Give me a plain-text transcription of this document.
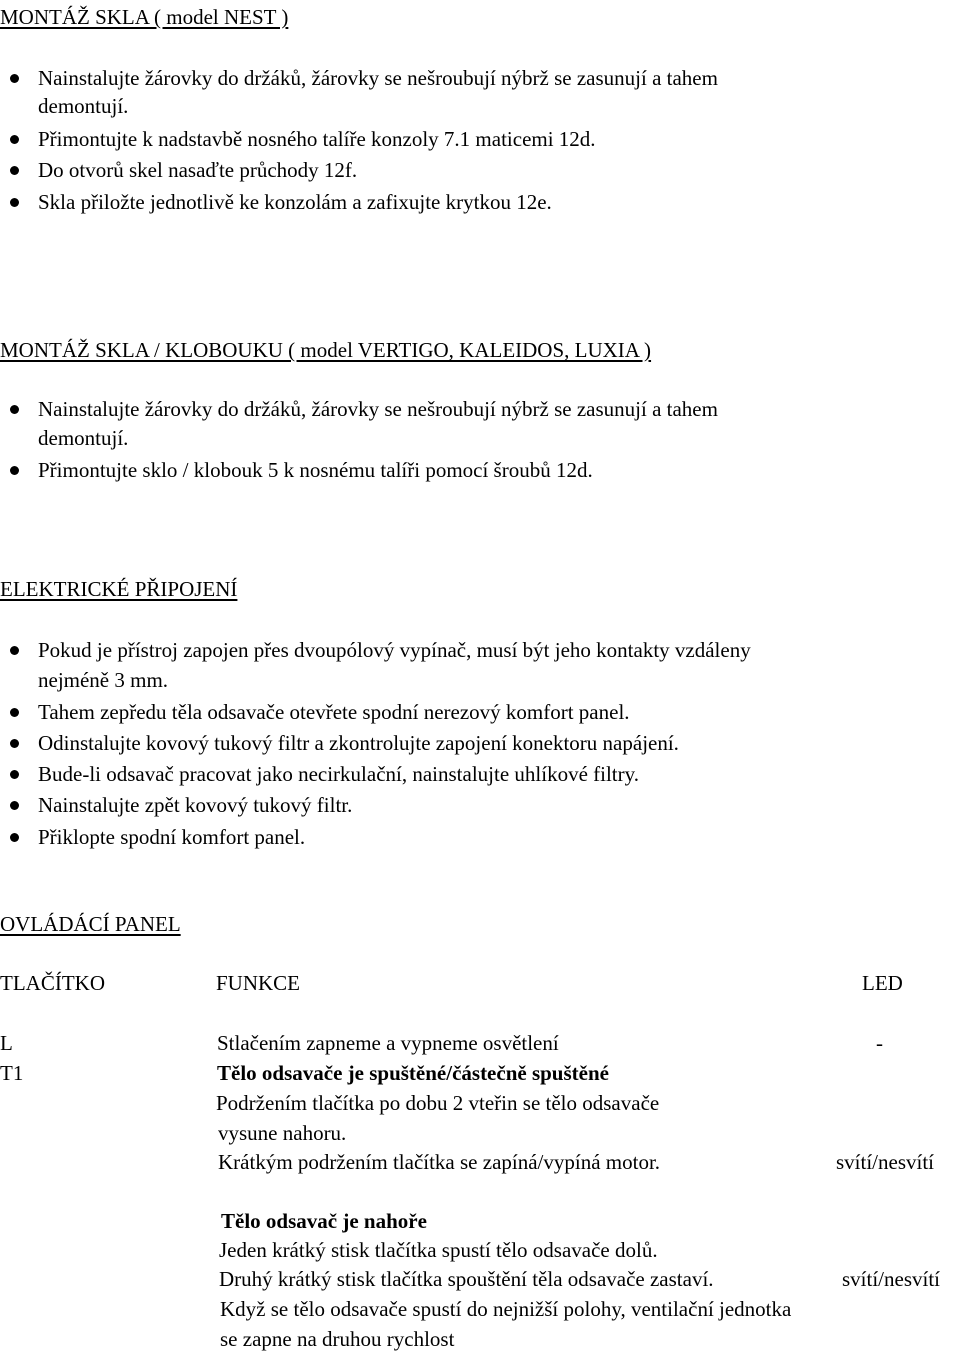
MONTÁŽ SKLA ( model NEST )
Nainstalujte žárovky do držáků, žárovky se nešroubují nýbrž se zasunují a tahem
demontují.
Přimontujte k nadstavbě nosného talíře konzoly 7.1 maticemi 12d.
Do otvorů skel nasaďte průchody 12f.
Skla přiložte jednotlivě ke konzolám a zafixujte krytkou 12e.
MONTÁŽ SKLA / KLOBOUKU ( model VERTIGO, KALEIDOS, LUXIA )
Nainstalujte žárovky do držáků, žárovky se nešroubují nýbrž se zasunují a tahem
demontují.
Přimontujte sklo / klobouk 5 k nosnému talíři pomocí šroubů 12d.
ELEKTRICKÉ PŘIPOJENÍ
Pokud je přístroj zapojen přes dvoupólový vypínač, musí být jeho kontakty vzdáleny
nejméně 3 mm.
Tahem zepředu těla odsavače otevřete spodní nerezový komfort panel.
Odinstalujte kovový tukový filtr a zkontrolujte zapojení konektoru napájení.
Bude-li odsavač pracovat jako necirkulační, nainstalujte uhlíkové filtry.
Nainstalujte zpět kovový tukový filtr.
Přiklopte spodní komfort panel.
OVLÁDÁCÍ PANEL
TLAČÍTKO	FUNKCE	LED
L	Stlačením zapneme a vypneme osvětlení	-
T1	Tělo odsavače je spuštěné/částečně spuštěné
Podržením tlačítka po dobu 2 vteřin se tělo odsavače
vysune nahoru.
Krátkým podržením tlačítka se zapíná/vypíná motor.	svítí/nesvítí
Tělo odsavač je nahoře
Jeden krátký stisk tlačítka spustí tělo odsavače dolů.
Druhý krátký stisk tlačítka spouštění těla odsavače zastaví.	svítí/nesvítí
Když se tělo odsavače spustí do nejnižší polohy, ventilační jednotka
se zapne na druhou rychlost
